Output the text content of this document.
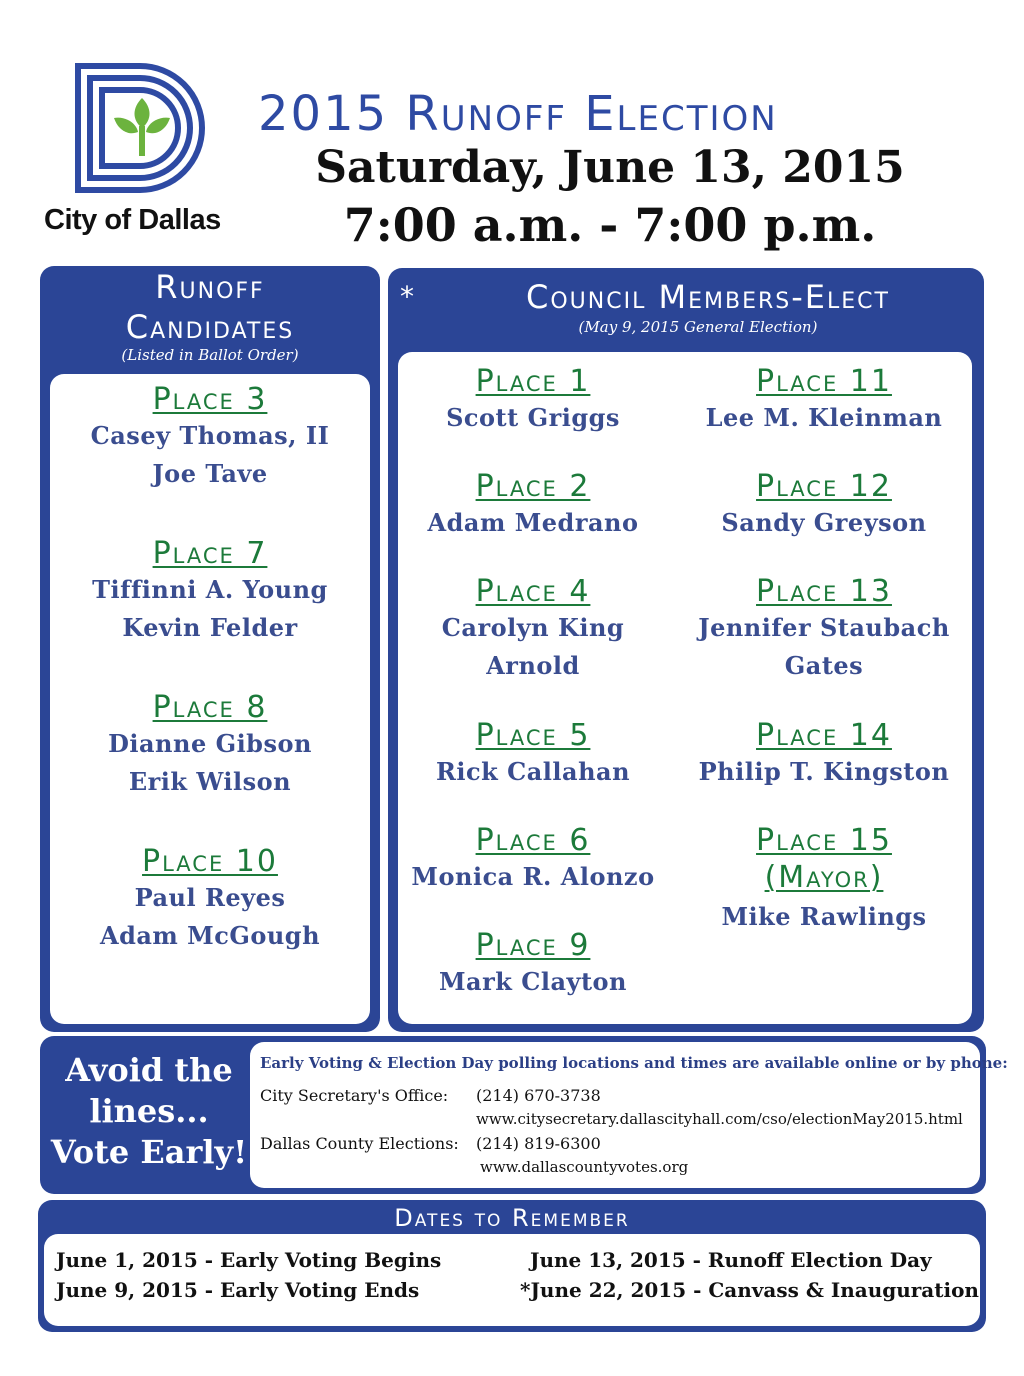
City of Dallas
2015 Runoff Election
Saturday, June 13, 2015
7:00 a.m. - 7:00 p.m.
Runoff
Candidates
(Listed in Ballot Order)
Place 3
Casey Thomas, II
Joe Tave
Place 7
Tiffinni A. Young
Kevin Felder
Place 8
Dianne Gibson
Erik Wilson
Place 10
Paul Reyes
Adam McGough
*	Council Members-Elect
(May 9, 2015 General Election)
Place 1
Scott Griggs
Place 2
Adam Medrano
Place 4
Carolyn King
Arnold
Place 5
Rick Callahan
Place 6
Monica R. Alonzo
Place 9
Mark Clayton
Place 11
Lee M. Kleinman
Place 12
Sandy Greyson
Place 13
Jennifer Staubach
Gates
Place 14
Philip T. Kingston
Place 15
(Mayor)
Mike Rawlings
Avoid the
lines...
Vote Early!
Early Voting & Election Day polling locations and times are available online or by phone:
City Secretary's Office: (214) 670-3738
www.citysecretary.dallascityhall.com/cso/electionMay2015.html
Dallas County Elections: (214) 819-6300
www.dallascountyvotes.org
Dates to Remember
June 1, 2015 - Early Voting Begins
June 9, 2015 - Early Voting Ends
June 13, 2015 - Runoff Election Day
*June 22, 2015 - Canvass & Inauguration
